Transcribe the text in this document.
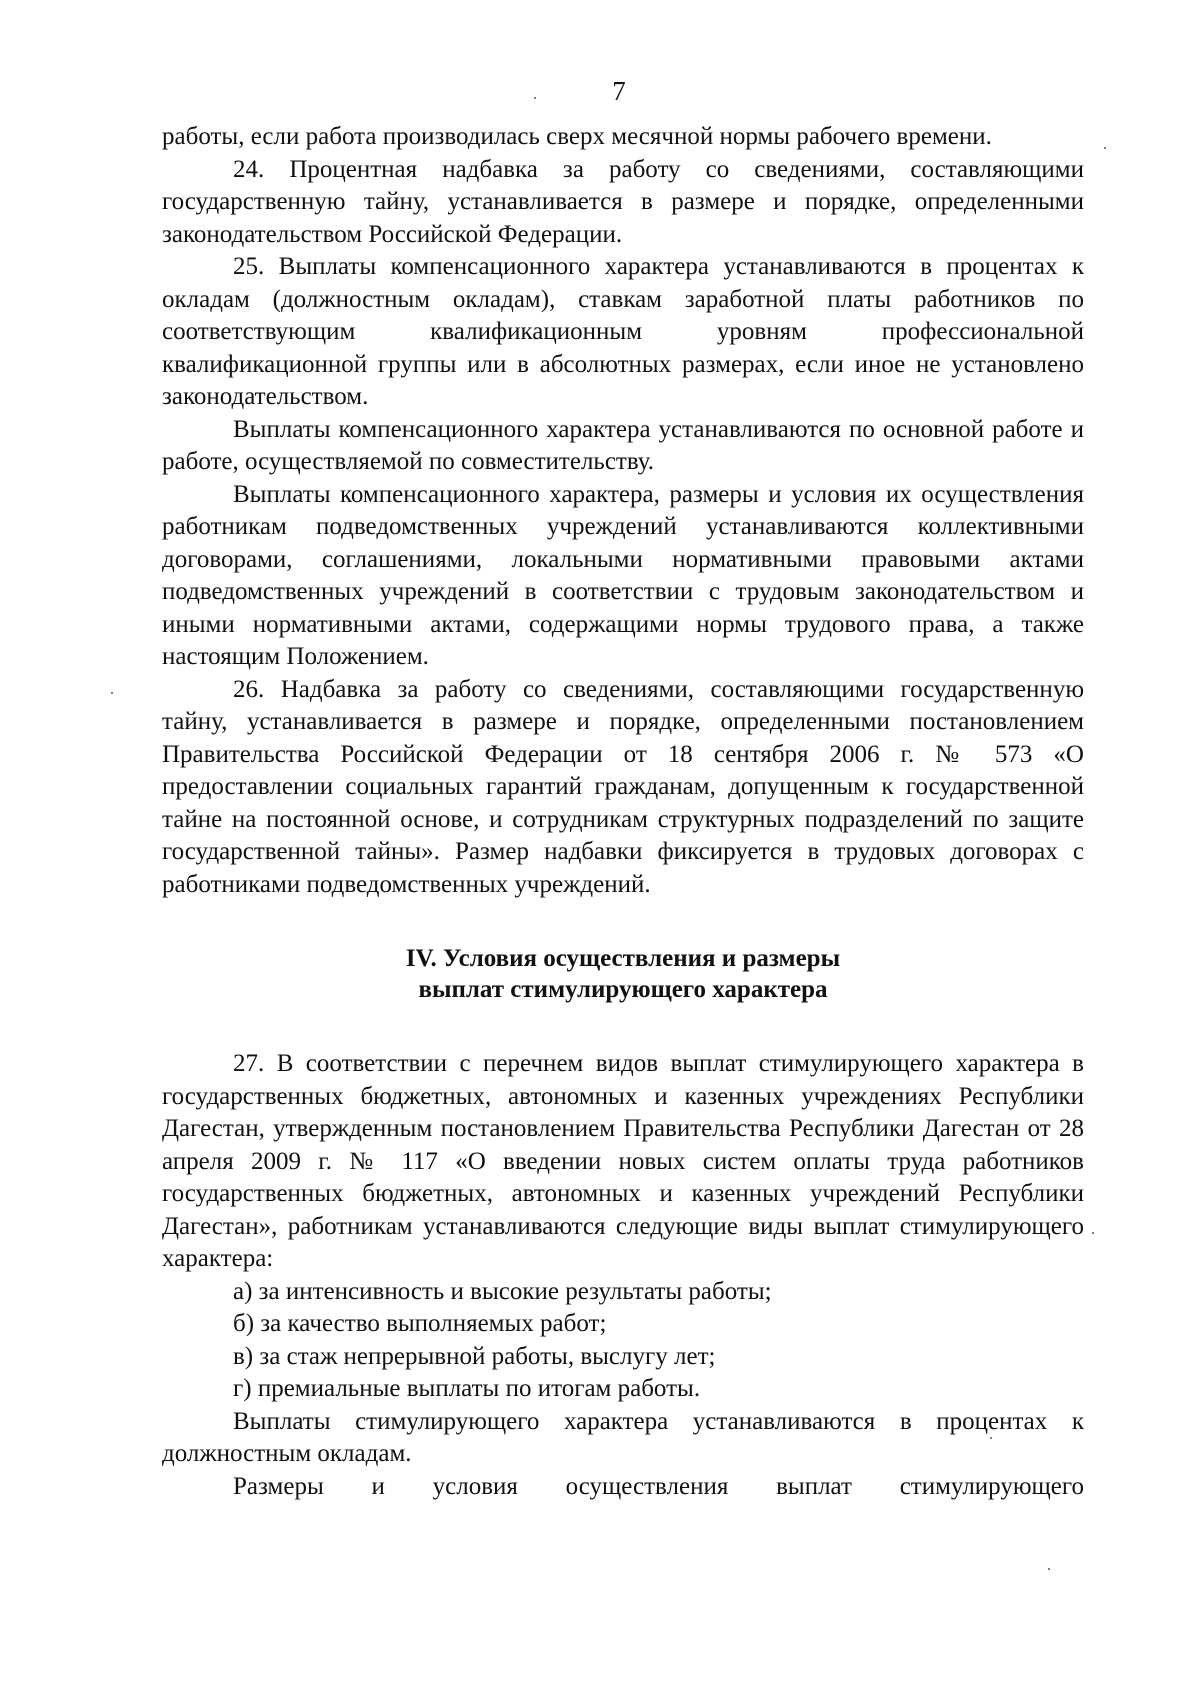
7

работы, если работа производилась сверх месячной нормы рабочего времени.

24. Процентная надбавка за работу со сведениями, составляющими государственную тайну, устанавливается в размере и порядке, определенными законодательством Российской Федерации.

25. Выплаты компенсационного характера устанавливаются в процентах к окладам (должностным окладам), ставкам заработной платы работников по соответствующим квалификационным уровням профессиональной квалификационной группы или в абсолютных размерах, если иное не установлено законодательством.

Выплаты компенсационного характера устанавливаются по основной работе и работе, осуществляемой по совместительству.

Выплаты компенсационного характера, размеры и условия их осуществления работникам подведомственных учреждений устанавливаются коллективными договорами, соглашениями, локальными нормативными правовыми актами подведомственных учреждений в соответствии с трудовым законодательством и иными нормативными актами, содержащими нормы трудового права, а также настоящим Положением.

26. Надбавка за работу со сведениями, составляющими государственную тайну, устанавливается в размере и порядке, определенными постановлением Правительства Российской Федерации от 18 сентября 2006 г. № 573 «О предоставлении социальных гарантий гражданам, допущенным к государственной тайне на постоянной основе, и сотрудникам структурных подразделений по защите государственной тайны». Размер надбавки фиксируется в трудовых договорах с работниками подведомственных учреждений.

IV. Условия осуществления и размеры
выплат стимулирующего характера

27. В соответствии с перечнем видов выплат стимулирующего характера в государственных бюджетных, автономных и казенных учреждениях Республики Дагестан, утвержденным постановлением Правительства Республики Дагестан от 28 апреля 2009 г. № 117 «О введении новых систем оплаты труда работников государственных бюджетных, автономных и казенных учреждений Республики Дагестан», работникам устанавливаются следующие виды выплат стимулирующего характера:

а) за интенсивность и высокие результаты работы;

б) за качество выполняемых работ;

в) за стаж непрерывной работы, выслугу лет;

г) премиальные выплаты по итогам работы.

Выплаты стимулирующего характера устанавливаются в процентах к должностным окладам.

Размеры и условия осуществления выплат стимулирующего
